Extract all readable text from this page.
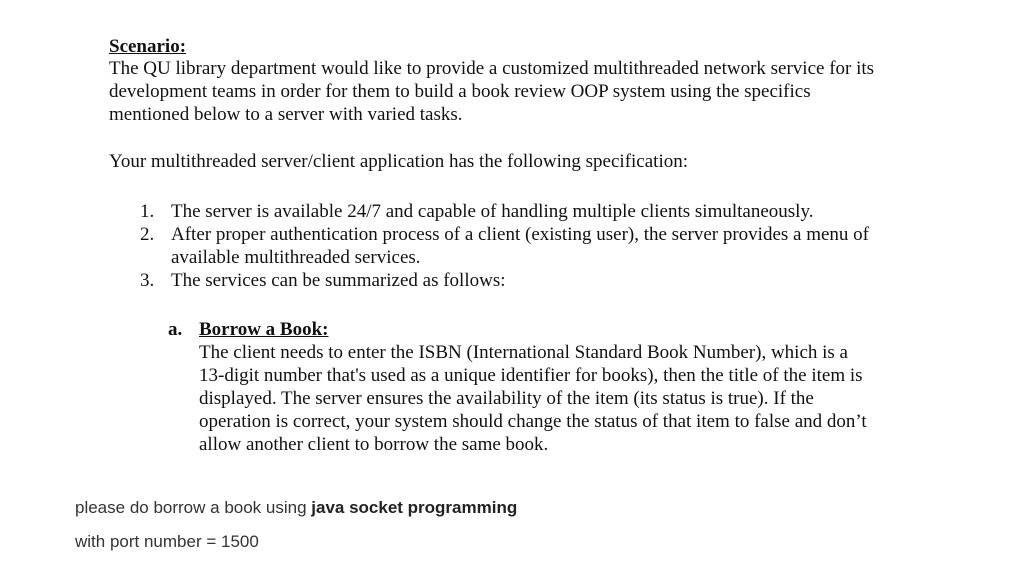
Scenario:
The QU library department would like to provide a customized multithreaded network service for its development teams in order for them to build a book review OOP system using the specifics mentioned below to a server with varied tasks.
Your multithreaded server/client application has the following specification:
1. The server is available 24/7 and capable of handling multiple clients simultaneously.
2. After proper authentication process of a client (existing user), the server provides a menu of available multithreaded services.
3. The services can be summarized as follows:
a. Borrow a Book:
The client needs to enter the ISBN (International Standard Book Number), which is a 13-digit number that's used as a unique identifier for books), then the title of the item is displayed. The server ensures the availability of the item (its status is true). If the operation is correct, your system should change the status of that item to false and don’t allow another client to borrow the same book.
please do borrow a book using java socket programming
with port number = 1500
